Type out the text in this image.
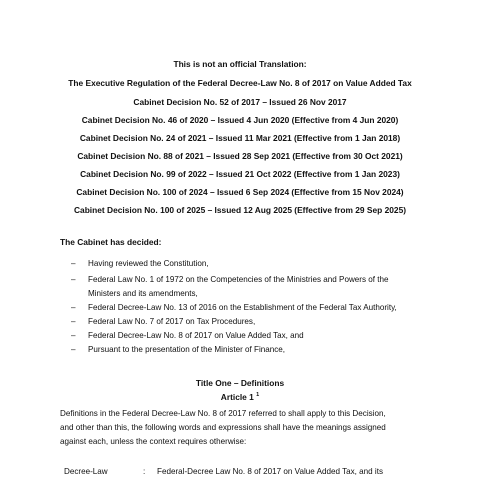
This is not an official Translation:
The Executive Regulation of the Federal Decree-Law No. 8 of 2017 on Value Added Tax
Cabinet Decision No. 52 of 2017 – Issued 26 Nov 2017
Cabinet Decision No. 46 of 2020 – Issued 4 Jun 2020 (Effective from 4 Jun 2020)
Cabinet Decision No. 24 of 2021 – Issued 11 Mar 2021 (Effective from 1 Jan 2018)
Cabinet Decision No. 88 of 2021 – Issued 28 Sep 2021 (Effective from 30 Oct 2021)
Cabinet Decision No. 99 of 2022 – Issued 21 Oct 2022 (Effective from 1 Jan 2023)
Cabinet Decision No. 100 of 2024 – Issued 6 Sep 2024 (Effective from 15 Nov 2024)
Cabinet Decision No. 100 of 2025 – Issued 12 Aug 2025 (Effective from 29 Sep 2025)
The Cabinet has decided:
– Having reviewed the Constitution,
– Federal Law No. 1 of 1972 on the Competencies of the Ministries and Powers of the
Ministers and its amendments,
– Federal Decree-Law No. 13 of 2016 on the Establishment of the Federal Tax Authority,
– Federal Law No. 7 of 2017 on Tax Procedures,
– Federal Decree-Law No. 8 of 2017 on Value Added Tax, and
– Pursuant to the presentation of the Minister of Finance,
Title One – Definitions
Article 1 $^1$
Definitions in the Federal Decree-Law No. 8 of 2017 referred to shall apply to this Decision,
and other than this, the following words and expressions shall have the meanings assigned
against each, unless the context requires otherwise:
Decree-Law	: Federal-Decree Law No. 8 of 2017 on Value Added Tax, and its
